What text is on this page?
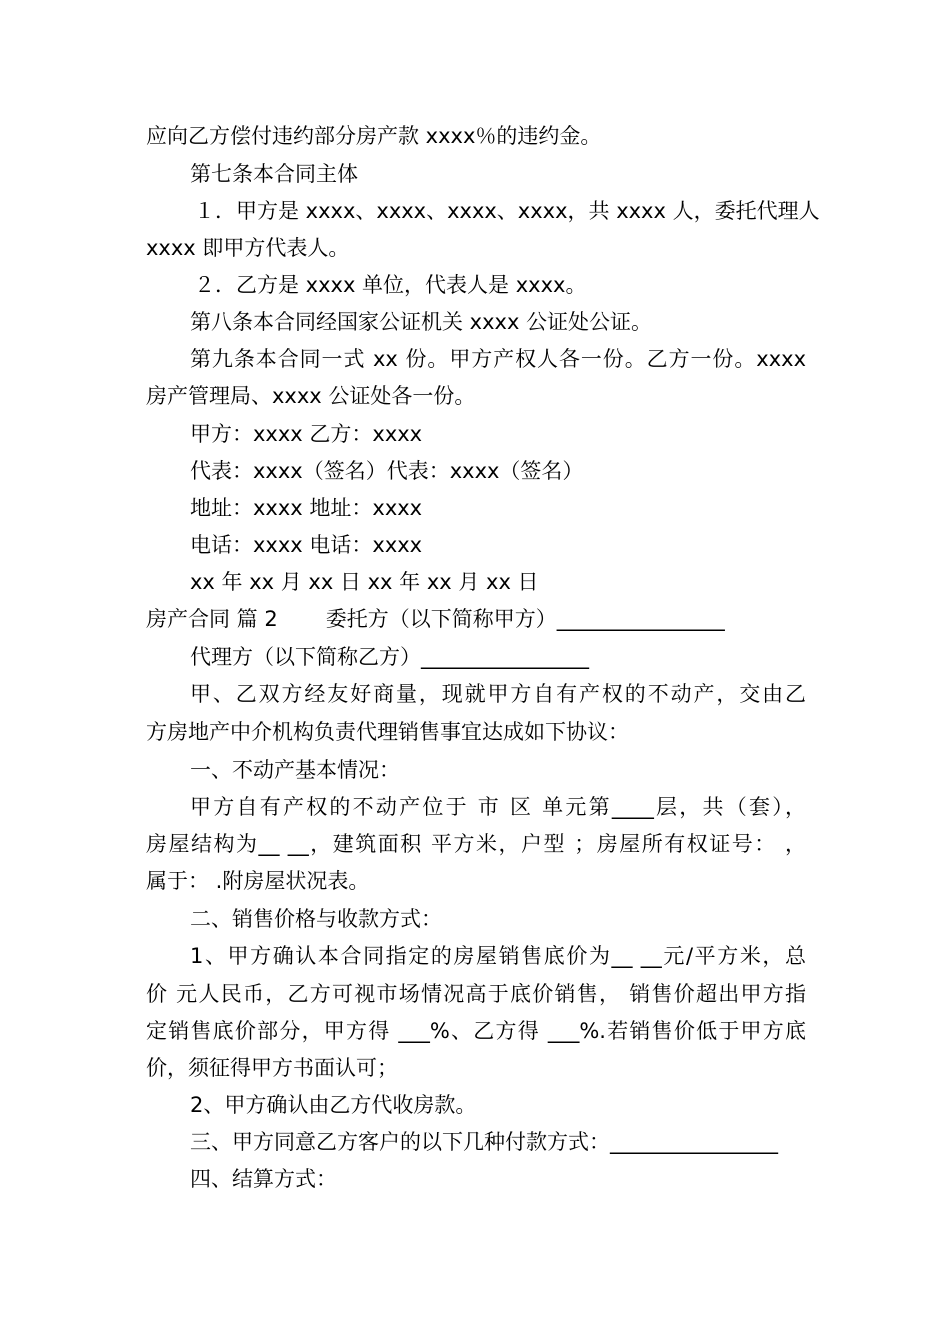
应向乙方偿付违约部分房产款 xxxx％的违约金。
第七条本合同主体
１．甲方是 xxxx、xxxx、xxxx、xxxx，共 xxxx 人，委托代理人
xxxx 即甲方代表人。
２．乙方是 xxxx 单位，代表人是 xxxx。
第八条本合同经国家公证机关 xxxx 公证处公证。
第九条本合同一式 xx 份。甲方产权人各一份。乙方一份。xxxx
房产管理局、xxxx 公证处各一份。
甲方：xxxx 乙方：xxxx
代表：xxxx（签名）代表：xxxx（签名）
地址：xxxx 地址：xxxx
电话：xxxx 电话：xxxx
xx 年 xx 月 xx 日 xx 年 xx 月 xx 日
房产合同 篇 2 委托方（以下简称甲方）________________
代理方（以下简称乙方）________________
甲、乙双方经友好商量，现就甲方自有产权的不动产，交由乙
方房地产中介机构负责代理销售事宜达成如下协议：
一、不动产基本情况：
甲方自有产权的不动产位于 市 区 单元第____层，共（套），
房屋结构为__ __，建筑面积 平方米，户型 ；房屋所有权证号： ，
属于： .附房屋状况表。
二、销售价格与收款方式：
1、甲方确认本合同指定的房屋销售底价为__ __元/平方米，总
价 元人民币，乙方可视市场情况高于底价销售， 销售价超出甲方指
定销售底价部分，甲方得 ___%、乙方得 ___%.若销售价低于甲方底
价，须征得甲方书面认可；
2、甲方确认由乙方代收房款。
三、甲方同意乙方客户的以下几种付款方式：________________
四、结算方式：
